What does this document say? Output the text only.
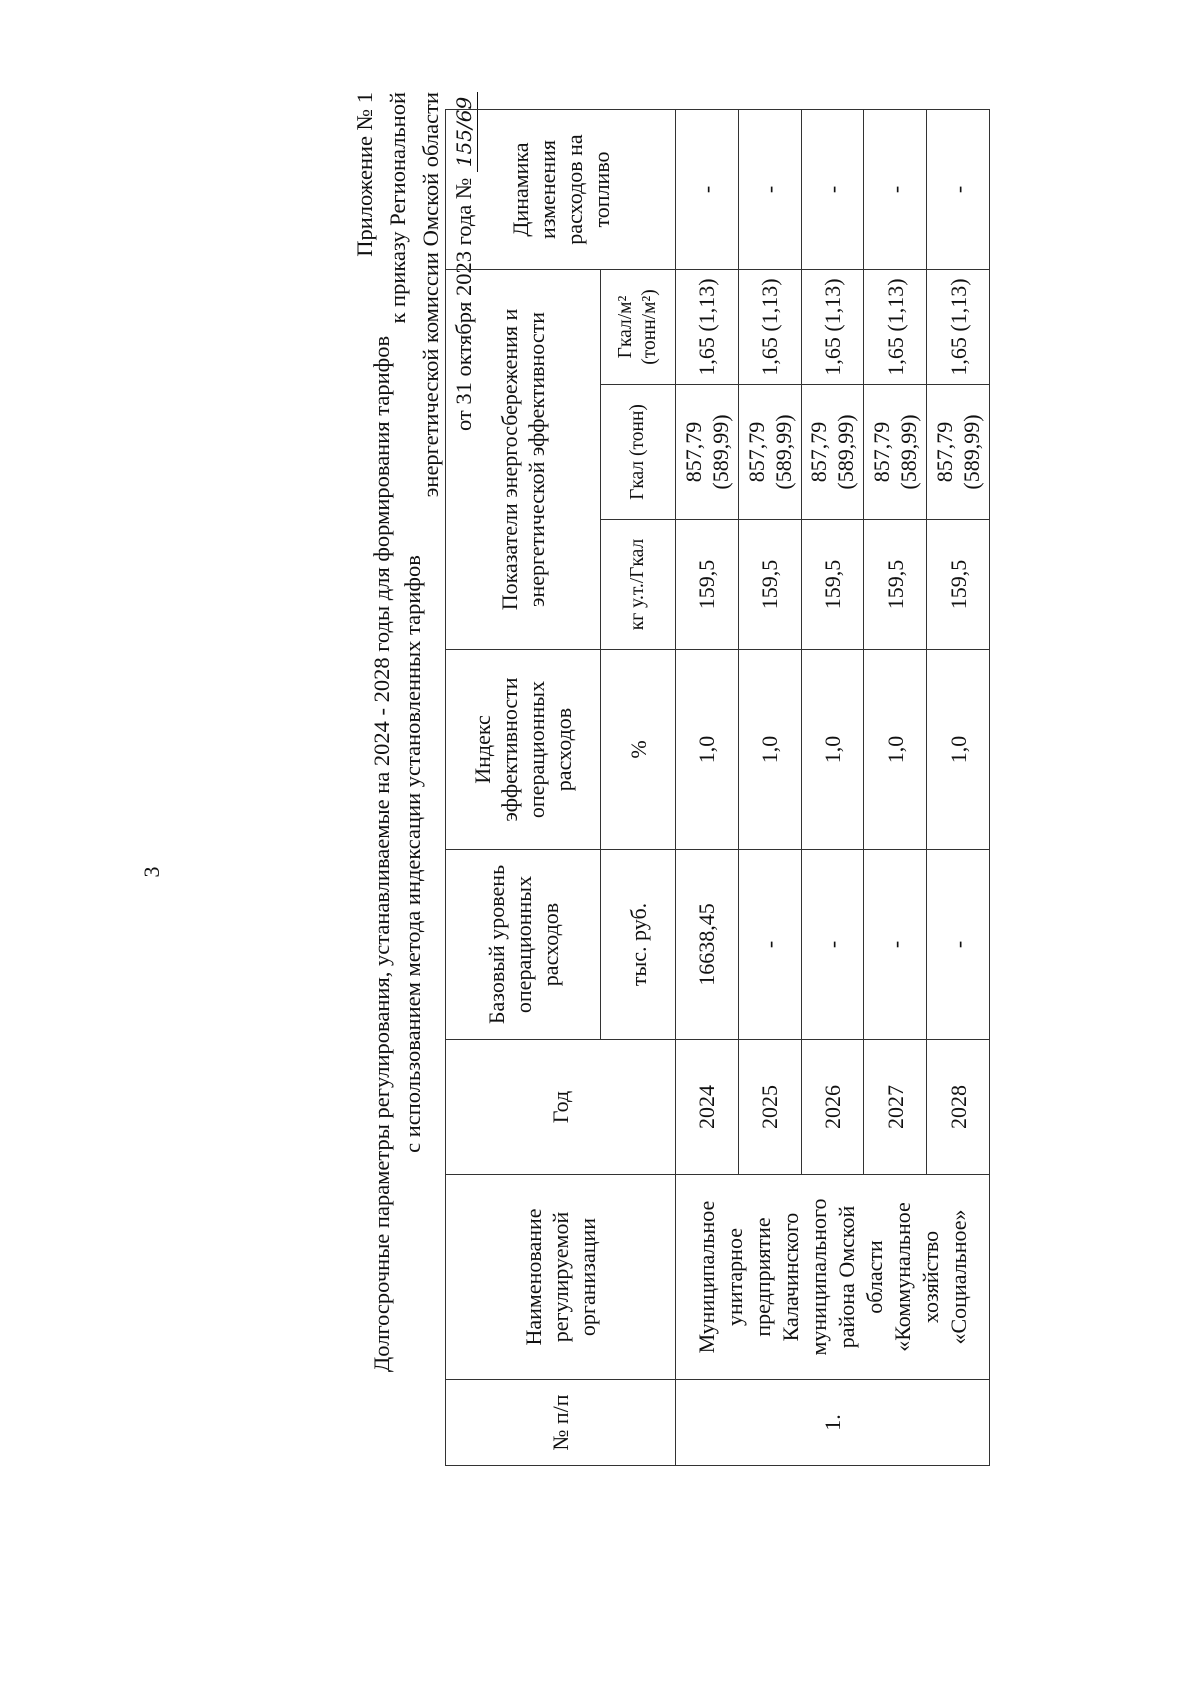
3
Приложение № 1 к приказу Региональной энергетической комиссии Омской области от 31 октября 2023 года № 155/69
Долгосрочные параметры регулирования, устанавливаемые на 2024 - 2028 годы для формирования тарифов с использованием метода индексации установленных тарифов
№ п/п	Наименование регулируемой организации	Год	Базовый уровень операционных расходов	Индекс эффективности операционных расходов	Показатели энергосбережения и энергетической эффективности			Динамика изменения расходов на топливо
			тыс. руб.	%	кг у.т./Гкал	Гкал (тонн)	Гкал/м² (тонн/м²)	
1.	Муниципальное унитарное предприятие Калачинского муниципального района Омской области «Коммунальное хозяйство «Социальное»	2024	16638,45	1,0	159,5	857,79 (589,99)	1,65 (1,13)	-
		2025	-	1,0	159,5	857,79 (589,99)	1,65 (1,13)	-
		2026	-	1,0	159,5	857,79 (589,99)	1,65 (1,13)	-
		2027	-	1,0	159,5	857,79 (589,99)	1,65 (1,13)	-
		2028	-	1,0	159,5	857,79 (589,99)	1,65 (1,13)	-
